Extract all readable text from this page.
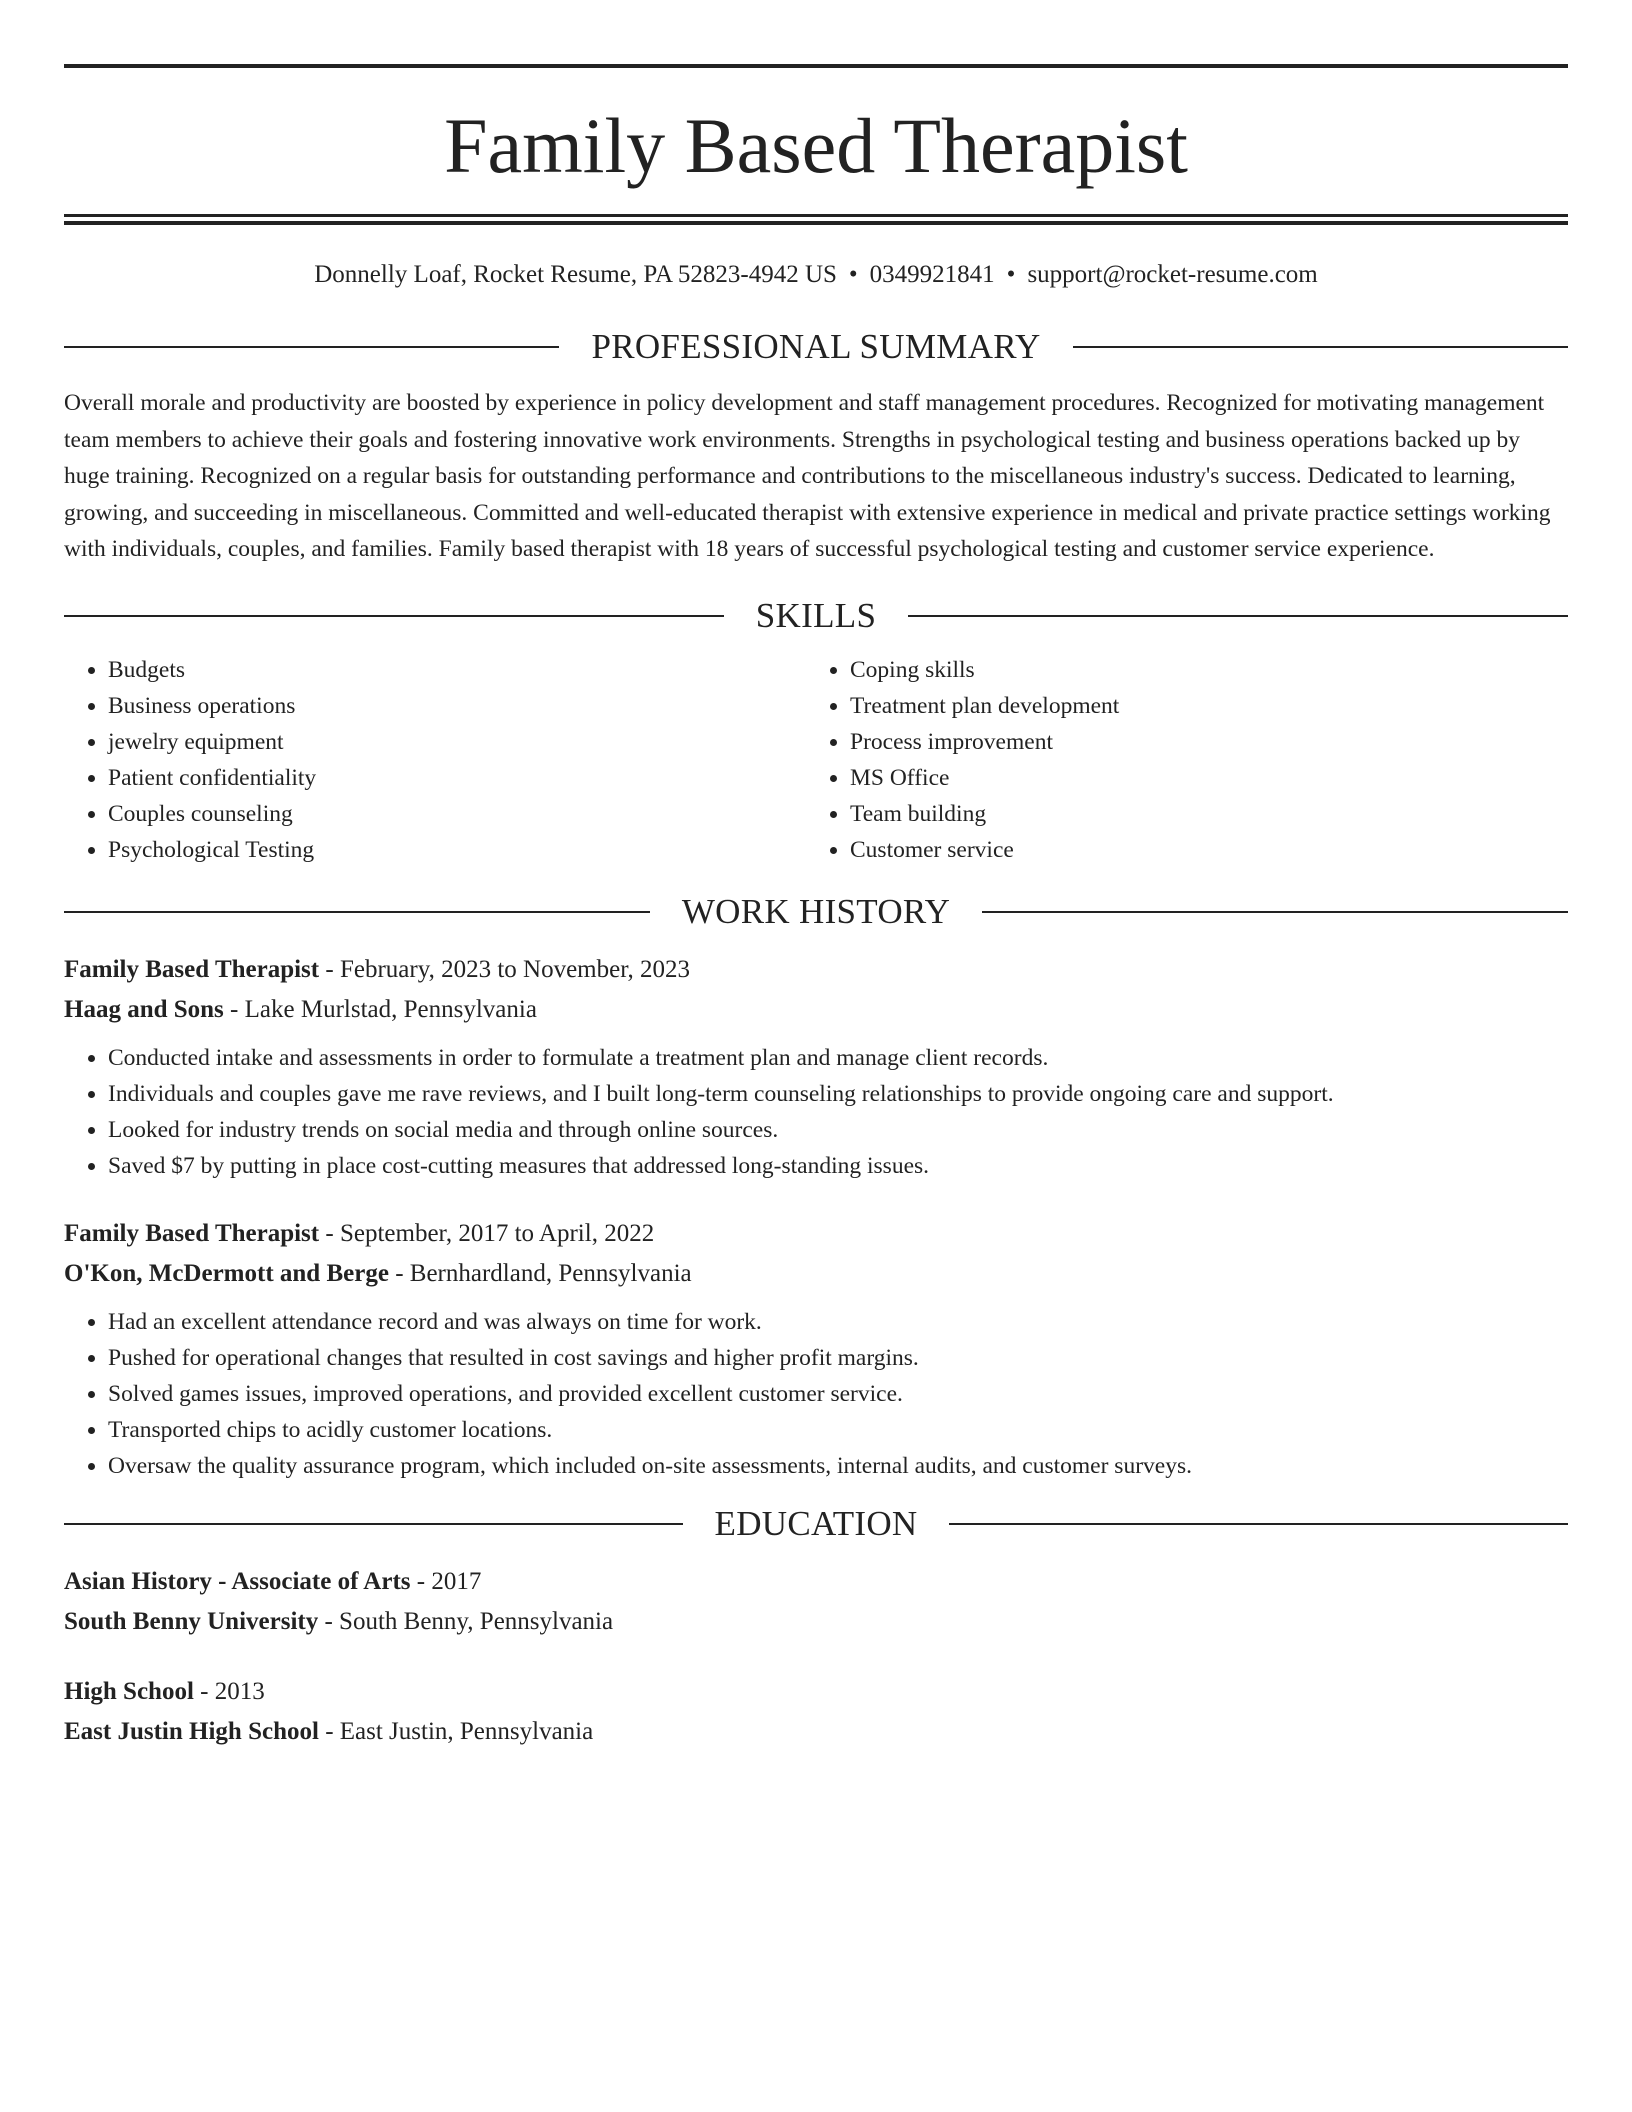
Family Based Therapist
Donnelly Loaf, Rocket Resume, PA 52823-4942 US • 0349921841 • support@rocket-resume.com
PROFESSIONAL SUMMARY

Overall morale and productivity are boosted by experience in policy development and staff management procedures. Recognized for motivating management team members to achieve their goals and fostering innovative work environments. Strengths in psychological testing and business operations backed up by huge training. Recognized on a regular basis for outstanding performance and contributions to the miscellaneous industry's success. Dedicated to learning, growing, and succeeding in miscellaneous. Committed and well-educated therapist with extensive experience in medical and private practice settings working with individuals, couples, and families. Family based therapist with 18 years of successful psychological testing and customer service experience.

SKILLS
• Budgets
• Business operations
• jewelry equipment
• Patient confidentiality
• Couples counseling
• Psychological Testing
• Coping skills
• Treatment plan development
• Process improvement
• MS Office
• Team building
• Customer service
WORK HISTORY
Family Based Therapist - February, 2023 to November, 2023
Haag and Sons - Lake Murlstad, Pennsylvania
• Conducted intake and assessments in order to formulate a treatment plan and manage client records.
• Individuals and couples gave me rave reviews, and I built long-term counseling relationships to provide ongoing care and support.
• Looked for industry trends on social media and through online sources.
• Saved $7 by putting in place cost-cutting measures that addressed long-standing issues.
Family Based Therapist - September, 2017 to April, 2022
O'Kon, McDermott and Berge - Bernhardland, Pennsylvania
• Had an excellent attendance record and was always on time for work.
• Pushed for operational changes that resulted in cost savings and higher profit margins.
• Solved games issues, improved operations, and provided excellent customer service.
• Transported chips to acidly customer locations.
• Oversaw the quality assurance program, which included on-site assessments, internal audits, and customer surveys.
EDUCATION
Asian History - Associate of Arts - 2017
South Benny University - South Benny, Pennsylvania
High School - 2013
East Justin High School - East Justin, Pennsylvania
